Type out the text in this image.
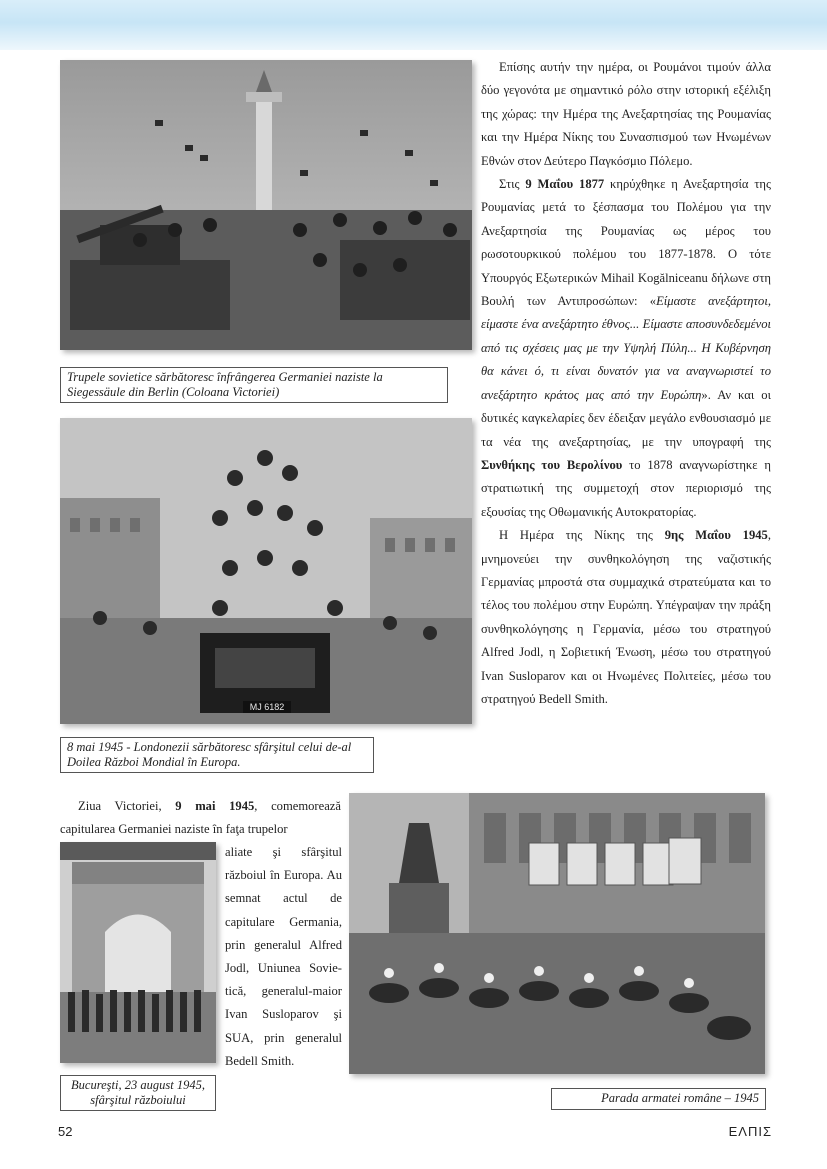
Trupele sovietice sărbătoresc înfrângerea Germaniei naziste la Siegessäule din Berlin (Coloana Victoriei)
MJ 6182
8 mai 1945 - Londonezii sărbătoresc sfârşitul celui de-al Doilea Război Mondial în Europa.

Επίσης αυτήν την ημέρα, οι Ρουμάνοι τιμούν άλλα δύο γεγονότα με σημαντικό ρόλο στην ιστορική εξέλιξη της χώρας: την Ημέρα της Ανεξαρτησίας της Ρουμανίας και την Ημέρα Νίκης του Συνασπισμού των Ηνωμένων Εθνών στον Δεύτερο Παγκόσμιο Πόλεμο.

Στις 9 Μαΐου 1877 κηρύχθηκε η Ανεξαρτησία της Ρουμανίας μετά το ξέσπασμα του Πολέμου για την Ανεξαρτησία της Ρουμανίας ως μέρος του ρωσοτουρκικού πολέμου του 1877-1878. Ο τότε Υπουργός Εξωτερικών Mihail Kogălniceanu δήλωνε στη Βουλή των Αντιπροσώπων: «Είμαστε ανεξάρτητοι, είμαστε ένα ανεξάρτητο έθνος... Είμαστε αποσυνδεδεμένοι από τις σχέσεις μας με την Υψηλή Πύλη... Η Κυβέρνηση θα κάνει ό, τι είναι δυνατόν για να αναγνωριστεί το ανεξάρτητο κράτος μας από την Ευρώπη». Αν και οι δυτικές καγκελαρίες δεν έδειξαν μεγάλο ενθουσιασμό με τα νέα της ανεξαρτησίας, με την υπογραφή της Συνθήκης του Βερολίνου το 1878 αναγνωρίστηκε η στρατιωτική της συμμετοχή στον περιορισμό της εξουσίας της Οθωμανικής Αυτοκρατορίας.

Η Ημέρα της Νίκης της 9ης Μαΐου 1945, μνημονεύει την συνθηκολόγηση της ναζιστικής Γερμανίας μπροστά στα συμμαχικά στρατεύματα και το τέλος του πολέμου στην Ευρώπη. Υπέγραψαν την πράξη συνθηκολόγησης η Γερμανία, μέσω του στρατηγού Alfred Jodl, η Σοβιετική Ένωση, μέσω του στρατηγού Ivan Susloparov και οι Ηνωμένες Πολιτείες, μέσω του στρατηγού Bedell Smith.

Ziua Victoriei, 9 mai 1945, comemorează capitularea Germaniei naziste în faţa trupelor
aliate şi sfârşitul războiul în Europa. Au semnat actul de capitulare Germania, prin generalul Alfred Jodl, Uniunea Sovie-tică, generalul-maior Ivan Susloparov şi SUA, prin generalul Bedell Smith.
Bucureşti, 23 august 1945, sfârşitul războiului	Parada armatei române – 1945
52	ΕΛΠΙΣ
